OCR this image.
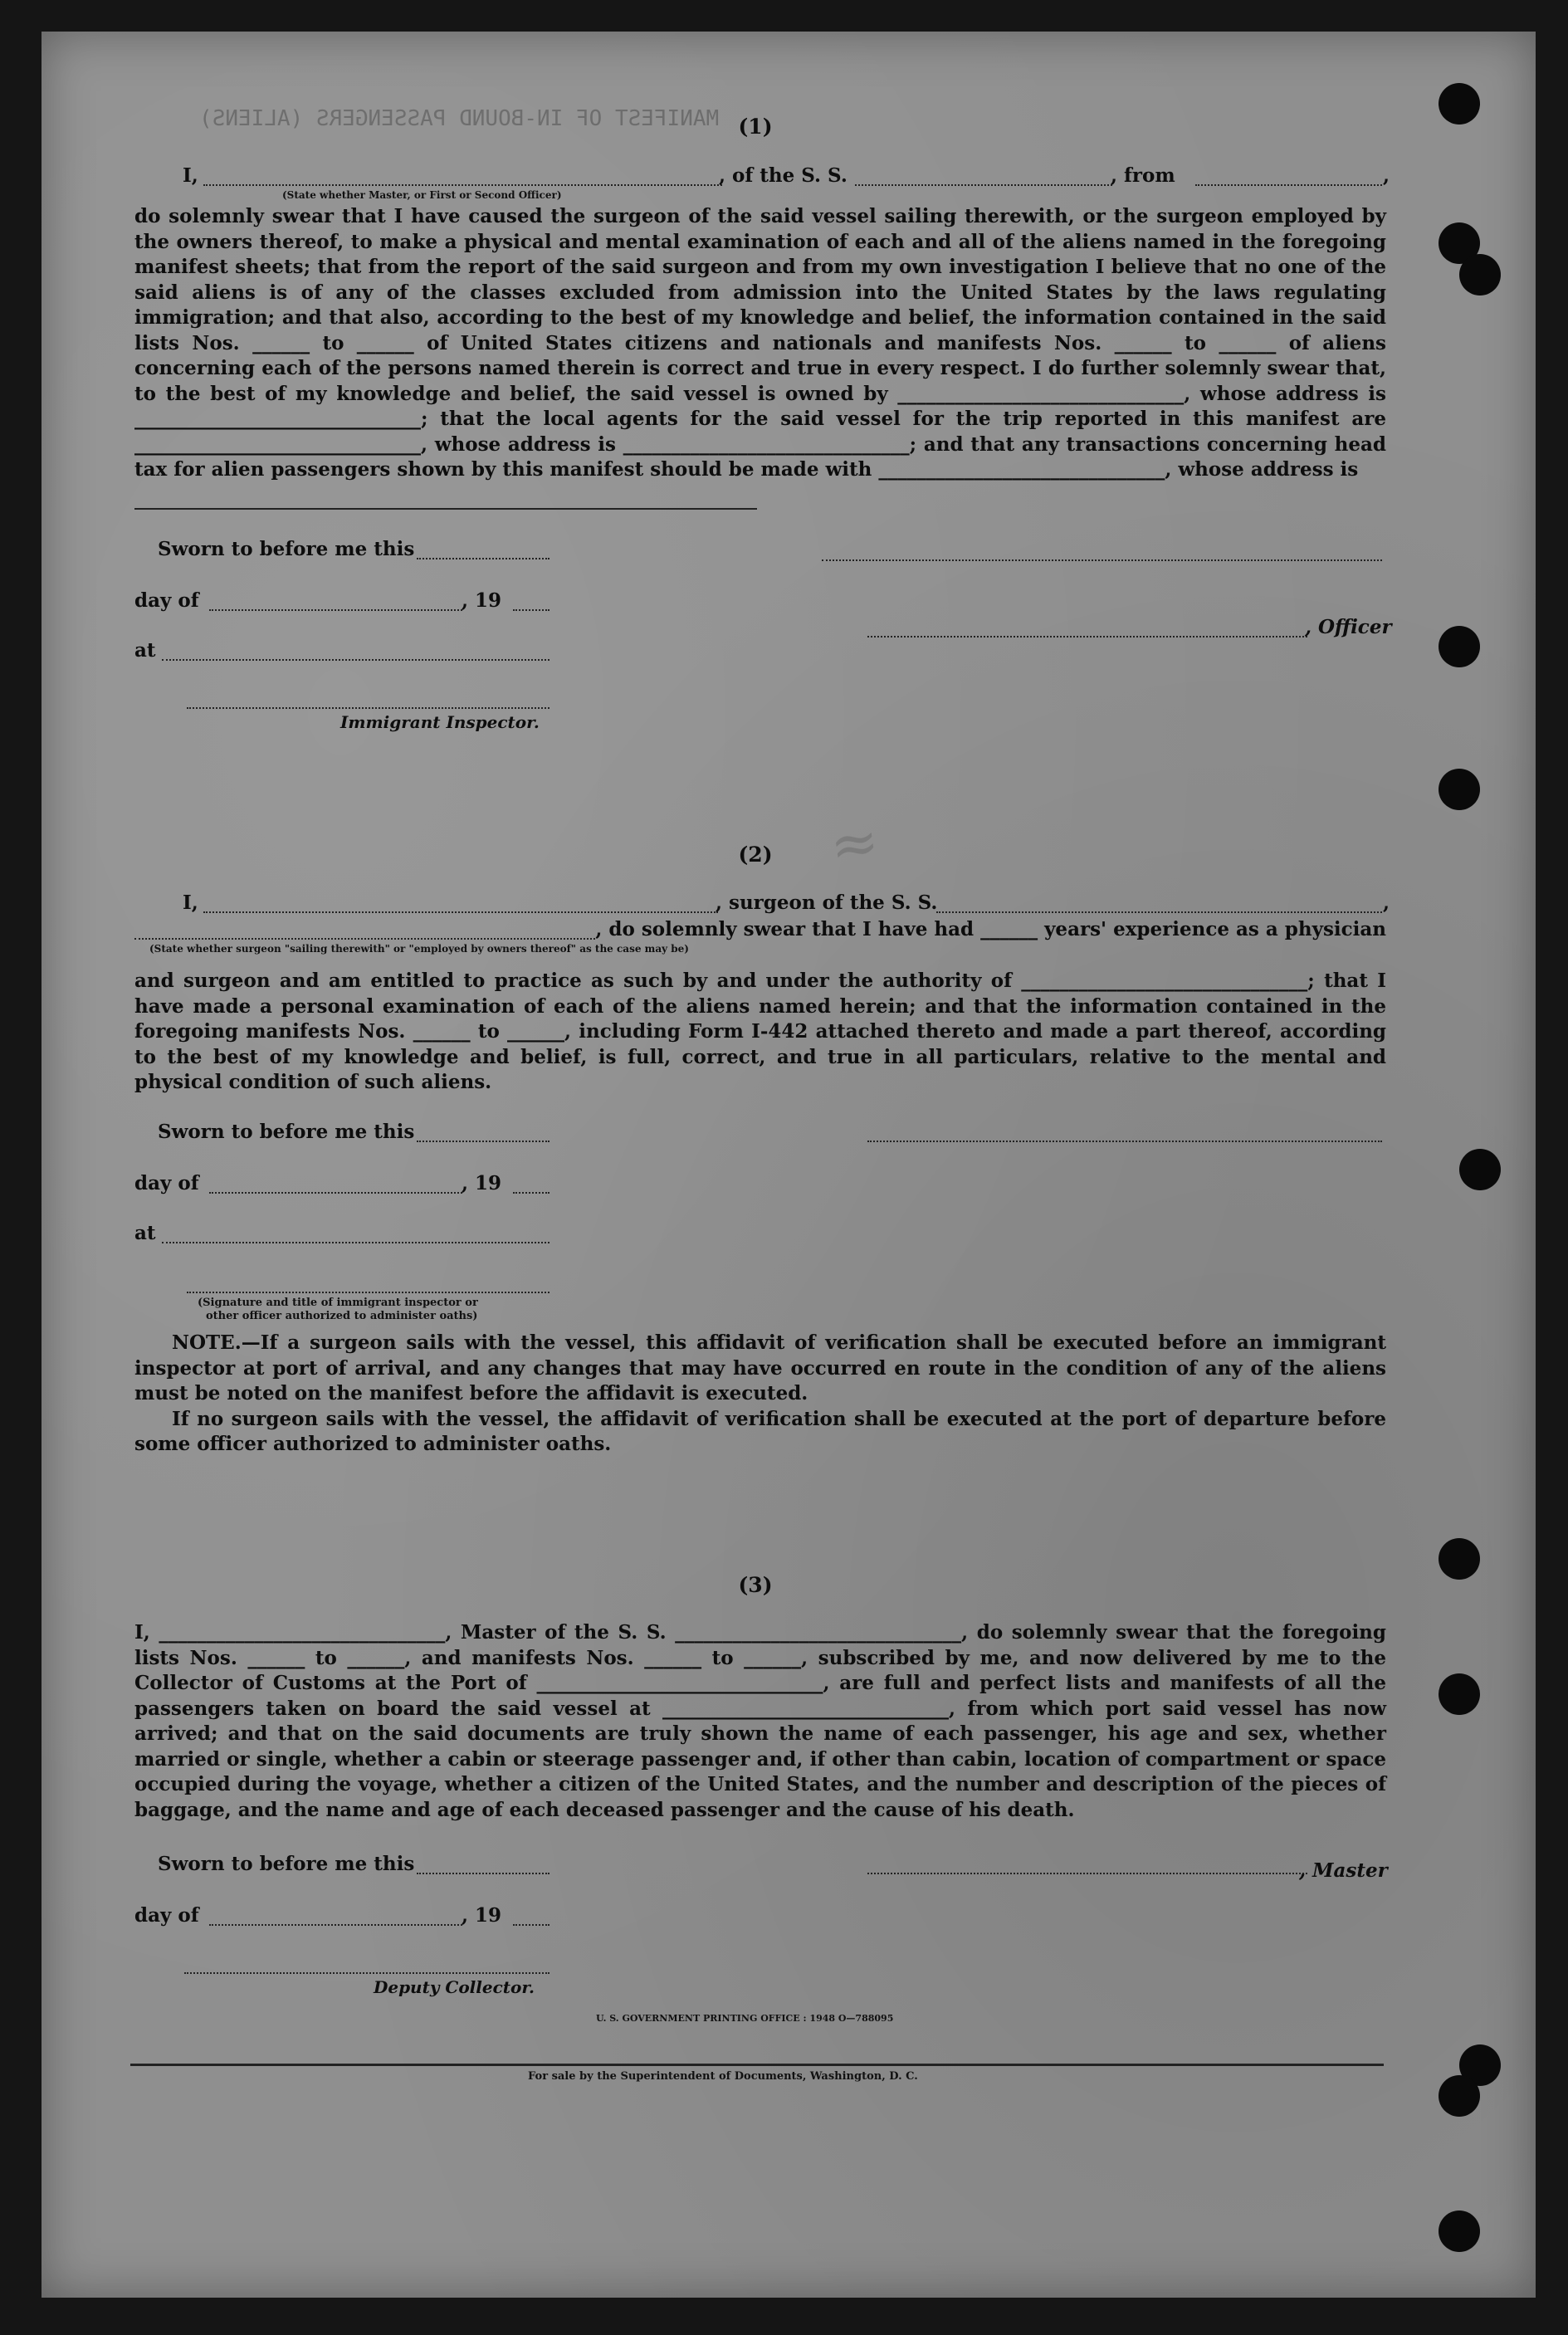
MANIFEST OF IN-BOUND PASSENGERS (ALIENS) (1)
I,	, of the S. S.	, from	,
(State whether Master, or First or Second Officer)

do solemnly swear that I have caused the surgeon of the said vessel sailing therewith, or the surgeon employed by the owners thereof, to make a physical and mental examination of each and all of the aliens named in the foregoing manifest sheets; that from the report of the said surgeon and from my own investigation I believe that no one of the said aliens is of any of the classes excluded from admission into the United States by the laws regulating immigration; and that also, according to the best of my knowledge and belief, the information contained in the said lists Nos. ______ to ______ of United States citizens and nationals and manifests Nos. ______ to ______ of aliens concerning each of the persons named therein is correct and true in every respect. I do further solemnly swear that, to the best of my knowledge and belief, the said vessel is owned by ______________________________, whose address is ______________________________; that the local agents for the said vessel for the trip reported in this manifest are ______________________________, whose address is ______________________________; and that any transactions concerning head tax for alien passengers shown by this manifest should be made with ______________________________, whose address is

Sworn to before me this
day of	, 19
at
Immigrant Inspector.
, Officer
≈
(2)
I,	, surgeon of the S. S.	,
, do solemnly swear that I have had ______ years' experience as a physician
(State whether surgeon "sailing therewith" or "employed by owners thereof" as the case may be)

and surgeon and am entitled to practice as such by and under the authority of ______________________________; that I have made a personal examination of each of the aliens named herein; and that the information contained in the foregoing manifests Nos. ______ to ______, including Form I-442 attached thereto and made a part thereof, according to the best of my knowledge and belief, is full, correct, and true in all particulars, relative to the mental and physical condition of such aliens.

Sworn to before me this
day of	, 19
at
(Signature and title of immigrant inspector or
other officer authorized to administer oaths)

NOTE.—If a surgeon sails with the vessel, this affidavit of verification shall be executed before an immigrant inspector at port of arrival, and any changes that may have occurred en route in the condition of any of the aliens must be noted on the manifest before the affidavit is executed.

If no surgeon sails with the vessel, the affidavit of verification shall be executed at the port of departure before some officer authorized to administer oaths.

(3)

I, ______________________________, Master of the S. S. ______________________________, do solemnly swear that the foregoing lists Nos. ______ to ______, and manifests Nos. ______ to ______, subscribed by me, and now delivered by me to the Collector of Customs at the Port of ______________________________, are full and perfect lists and manifests of all the passengers taken on board the said vessel at ______________________________, from which port said vessel has now arrived; and that on the said documents are truly shown the name of each passenger, his age and sex, whether married or single, whether a cabin or steerage passenger and, if other than cabin, location of compartment or space occupied during the voyage, whether a citizen of the United States, and the number and description of the pieces of baggage, and the name and age of each deceased passenger and the cause of his death.

Sworn to before me this	, Master
day of	, 19
Deputy Collector.
U. S. GOVERNMENT PRINTING OFFICE : 1948 O—788095
For sale by the Superintendent of Documents, Washington, D. C.
